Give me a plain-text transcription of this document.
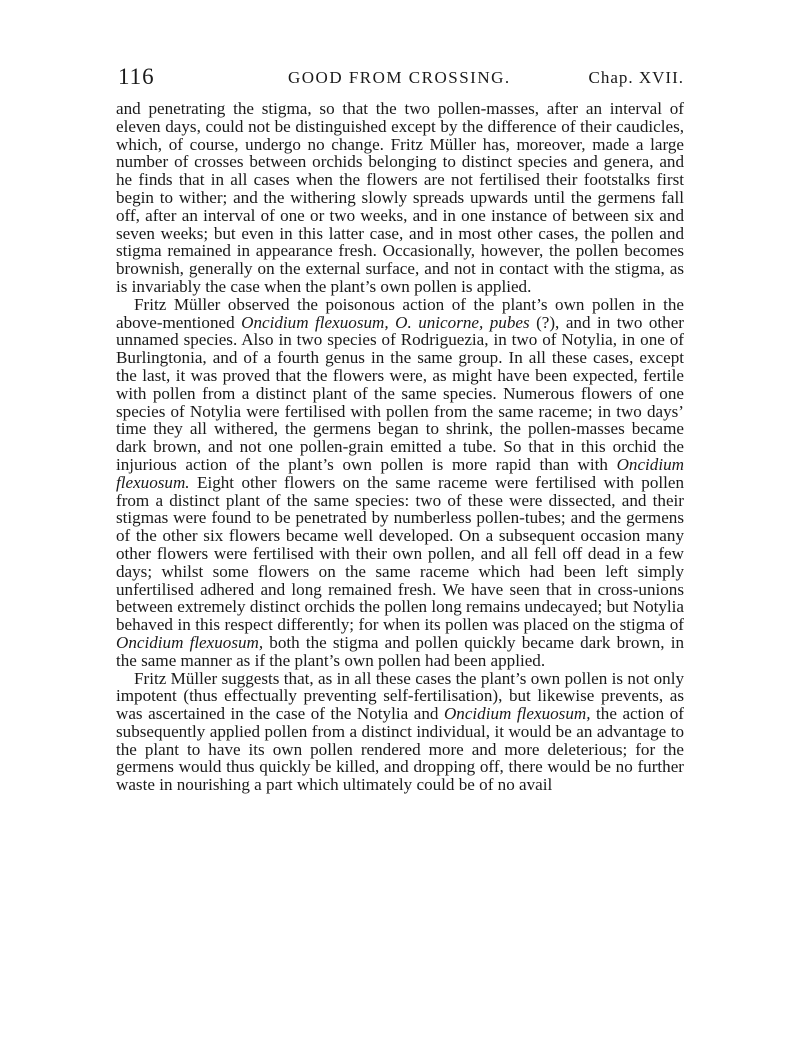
116	GOOD FROM CROSSING.	Chap. XVII.

and penetrating the stigma, so that the two pollen-masses, after an interval of eleven days, could not be distinguished except by the difference of their caudicles, which, of course, undergo no change. Fritz Müller has, moreover, made a large number of crosses between orchids belonging to distinct species and genera, and he finds that in all cases when the flowers are not fertilised their footstalks first begin to wither; and the withering slowly spreads upwards until the germens fall off, after an interval of one or two weeks, and in one instance of between six and seven weeks; but even in this latter case, and in most other cases, the pollen and stigma remained in appearance fresh. Occasionally, however, the pollen becomes brownish, generally on the external surface, and not in contact with the stigma, as is invariably the case when the plant’s own pollen is applied.

Fritz Müller observed the poisonous action of the plant’s own pollen in the above-mentioned Oncidium flexuosum, O. unicorne, pubes (?), and in two other unnamed species. Also in two species of Rodriguezia, in two of Notylia, in one of Burlingtonia, and of a fourth genus in the same group. In all these cases, except the last, it was proved that the flowers were, as might have been expected, fertile with pollen from a distinct plant of the same species. Numerous flowers of one species of Notylia were fertilised with pollen from the same raceme; in two days’ time they all withered, the germens began to shrink, the pollen-masses became dark brown, and not one pollen-grain emitted a tube. So that in this orchid the injurious action of the plant’s own pollen is more rapid than with Oncidium flexuosum. Eight other flowers on the same raceme were fertilised with pollen from a distinct plant of the same species: two of these were dissected, and their stigmas were found to be penetrated by numberless pollen-tubes; and the germens of the other six flowers became well developed. On a subsequent occasion many other flowers were fertilised with their own pollen, and all fell off dead in a few days; whilst some flowers on the same raceme which had been left simply unfertilised adhered and long remained fresh. We have seen that in cross-unions between extremely distinct orchids the pollen long remains undecayed; but Notylia behaved in this respect differently; for when its pollen was placed on the stigma of Oncidium flexuosum, both the stigma and pollen quickly became dark brown, in the same manner as if the plant’s own pollen had been applied.

Fritz Müller suggests that, as in all these cases the plant’s own pollen is not only impotent (thus effectually preventing self-fertilisation), but likewise prevents, as was ascertained in the case of the Notylia and Oncidium flexuosum, the action of subsequently applied pollen from a distinct individual, it would be an advantage to the plant to have its own pollen rendered more and more deleterious; for the germens would thus quickly be killed, and dropping off, there would be no further waste in nourishing a part which ultimately could be of no avail
